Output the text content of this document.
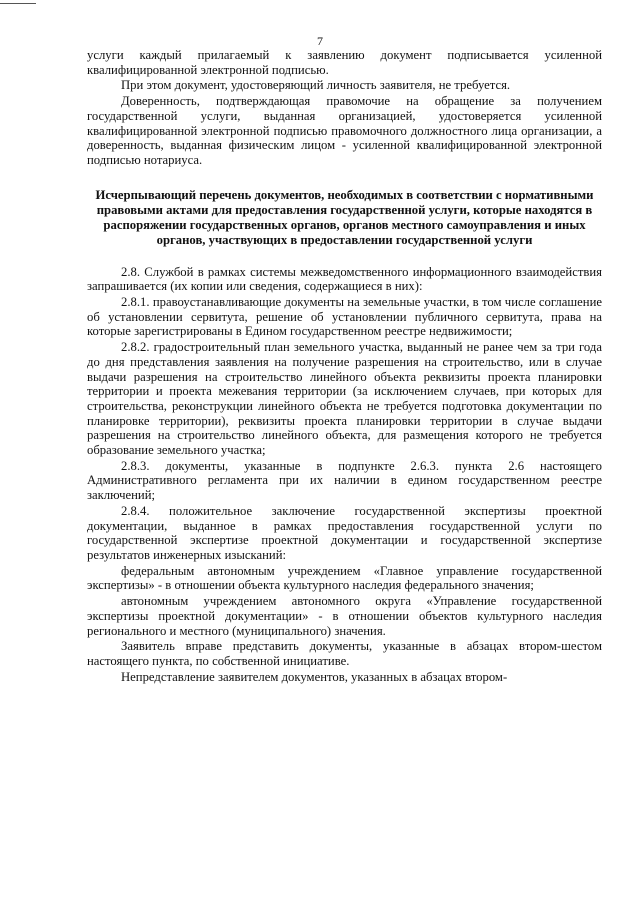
7

услуги каждый прилагаемый к заявлению документ подписывается усиленной квалифицированной электронной подписью.

При этом документ, удостоверяющий личность заявителя, не требуется.

Доверенность, подтверждающая правомочие на обращение за получением государственной услуги, выданная организацией, удостоверяется усиленной квалифицированной электронной подписью правомочного должностного лица организации, а доверенность, выданная физическим лицом - усиленной квалифицированной электронной подписью нотариуса.

Исчерпывающий перечень документов, необходимых в соответствии с нормативными правовыми актами для предоставления государственной услуги, которые находятся в распоряжении государственных органов, органов местного самоуправления и иных органов, участвующих в предоставлении государственной услуги

2.8. Службой в рамках системы межведомственного информационного взаимодействия запрашивается (их копии или сведения, содержащиеся в них):

2.8.1. правоустанавливающие документы на земельные участки, в том числе соглашение об установлении сервитута, решение об установлении публичного сервитута, права на которые зарегистрированы в Едином государственном реестре недвижимости;

2.8.2. градостроительный план земельного участка, выданный не ранее чем за три года до дня представления заявления на получение разрешения на строительство, или в случае выдачи разрешения на строительство линейного объекта реквизиты проекта планировки территории и проекта межевания территории (за исключением случаев, при которых для строительства, реконструкции линейного объекта не требуется подготовка документации по планировке территории), реквизиты проекта планировки территории в случае выдачи разрешения на строительство линейного объекта, для размещения которого не требуется образование земельного участка;

2.8.3. документы, указанные в подпункте 2.6.3. пункта 2.6 настоящего Административного регламента при их наличии в едином государственном реестре заключений;

2.8.4. положительное заключение государственной экспертизы проектной документации, выданное в рамках предоставления государственной услуги по государственной экспертизе проектной документации и государственной экспертизе результатов инженерных изысканий:

федеральным автономным учреждением «Главное управление государственной экспертизы» - в отношении объекта культурного наследия федерального значения;

автономным учреждением автономного округа «Управление государственной экспертизы проектной документации» - в отношении объектов культурного наследия регионального и местного (муниципального) значения.

Заявитель вправе представить документы, указанные в абзацах втором-шестом настоящего пункта, по собственной инициативе.

Непредставление заявителем документов, указанных в абзацах втором-
